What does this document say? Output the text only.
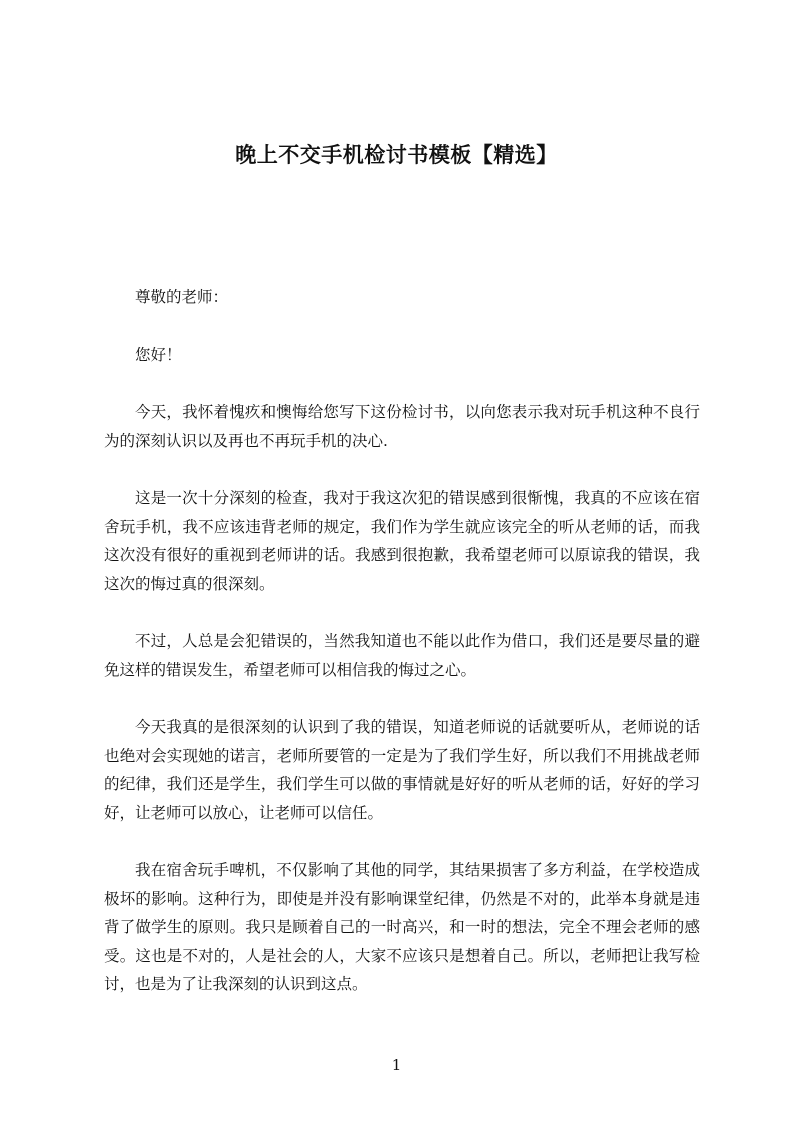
晚上不交手机检讨书模板【精选】

尊敬的老师：

您好！

今天，我怀着愧疚和懊悔给您写下这份检讨书，以向您表示我对玩手机这种不良行为的深刻认识以及再也不再玩手机的决心.

这是一次十分深刻的检查，我对于我这次犯的错误感到很惭愧，我真的不应该在宿舍玩手机，我不应该违背老师的规定，我们作为学生就应该完全的听从老师的话，而我这次没有很好的重视到老师讲的话。我感到很抱歉，我希望老师可以原谅我的错误，我这次的悔过真的很深刻。

不过，人总是会犯错误的，当然我知道也不能以此作为借口，我们还是要尽量的避免这样的错误发生，希望老师可以相信我的悔过之心。

今天我真的是很深刻的认识到了我的错误，知道老师说的话就要听从，老师说的话也绝对会实现她的诺言，老师所要管的一定是为了我们学生好，所以我们不用挑战老师的纪律，我们还是学生，我们学生可以做的事情就是好好的听从老师的话，好好的学习好，让老师可以放心，让老师可以信任。

我在宿舍玩手啤机，不仅影响了其他的同学，其结果损害了多方利益，在学校造成极坏的影响。这种行为，即使是并没有影响课堂纪律，仍然是不对的，此举本身就是违背了做学生的原则。我只是顾着自己的一时高兴，和一时的想法，完全不理会老师的感受。这也是不对的，人是社会的人，大家不应该只是想着自己。所以，老师把让我写检讨，也是为了让我深刻的认识到这点。

1
